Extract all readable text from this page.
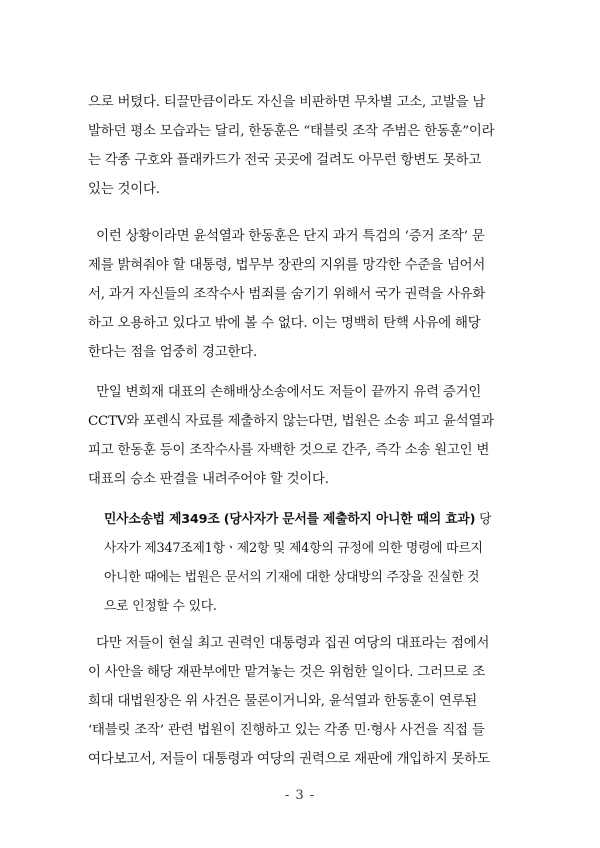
으로 버텼다. 티끌만큼이라도 자신을 비판하면 무차별 고소, 고발을 남
발하던 평소 모습과는 달리, 한동훈은 “태블릿 조작 주범은 한동훈”이라
는 각종 구호와 플래카드가 전국 곳곳에 걸려도 아무런 항변도 못하고
있는 것이다.
이런 상황이라면 윤석열과 한동훈은 단지 과거 특검의 ‘증거 조작’ 문
제를 밝혀줘야 할 대통령, 법무부 장관의 지위를 망각한 수준을 넘어서
서, 과거 자신들의 조작수사 범죄를 숨기기 위해서 국가 권력을 사유화
하고 오용하고 있다고 밖에 볼 수 없다. 이는 명백히 탄핵 사유에 해당
한다는 점을 엄중히 경고한다.
만일 변희재 대표의 손해배상소송에서도 저들이 끝까지 유력 증거인
CCTV와 포렌식 자료를 제출하지 않는다면, 법원은 소송 피고 윤석열과
피고 한동훈 등이 조작수사를 자백한 것으로 간주, 즉각 소송 원고인 변
대표의 승소 판결을 내려주어야 할 것이다.
민사소송법 제349조 (당사자가 문서를 제출하지 아니한 때의 효과) 당
사자가 제347조제1항ㆍ제2항 및 제4항의 규정에 의한 명령에 따르지
아니한 때에는 법원은 문서의 기재에 대한 상대방의 주장을 진실한 것
으로 인정할 수 있다.
다만 저들이 현실 최고 권력인 대통령과 집권 여당의 대표라는 점에서
이 사안을 해당 재판부에만 맡겨놓는 것은 위험한 일이다. 그러므로 조
희대 대법원장은 위 사건은 물론이거니와, 윤석열과 한동훈이 연루된
‘태블릿 조작’ 관련 법원이 진행하고 있는 각종 민·형사 사건을 직접 들
여다보고서, 저들이 대통령과 여당의 권력으로 재판에 개입하지 못하도
- 3 -
